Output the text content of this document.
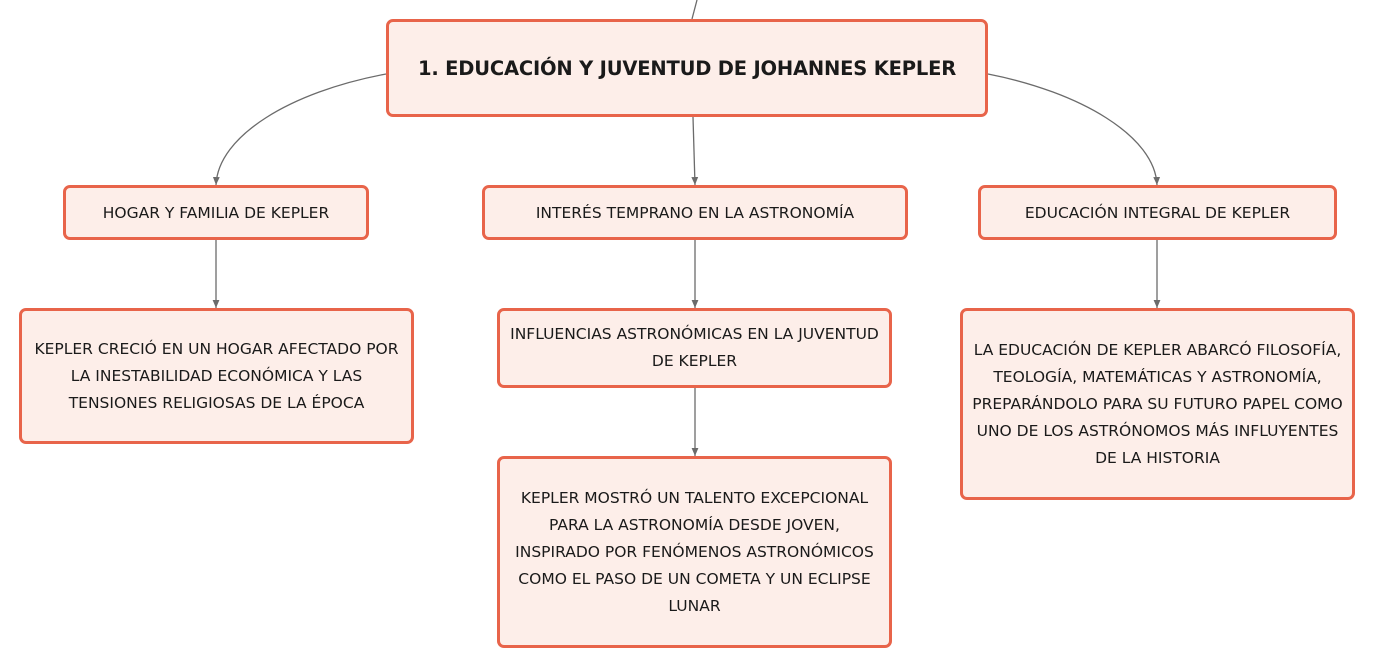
1. EDUCACIÓN Y JUVENTUD DE JOHANNES KEPLER
HOGAR Y FAMILIA DE KEPLER	INTERÉS TEMPRANO EN LA ASTRONOMÍA	EDUCACIÓN INTEGRAL DE KEPLER
KEPLER CRECIÓ EN UN HOGAR AFECTADO POR LA INESTABILIDAD ECONÓMICA Y LAS TENSIONES RELIGIOSAS DE LA ÉPOCA
INFLUENCIAS ASTRONÓMICAS EN LA JUVENTUD DE KEPLER
KEPLER MOSTRÓ UN TALENTO EXCEPCIONAL PARA LA ASTRONOMÍA DESDE JOVEN, INSPIRADO POR FENÓMENOS ASTRONÓMICOS COMO EL PASO DE UN COMETA Y UN ECLIPSE LUNAR
LA EDUCACIÓN DE KEPLER ABARCÓ FILOSOFÍA, TEOLOGÍA, MATEMÁTICAS Y ASTRONOMÍA, PREPARÁNDOLO PARA SU FUTURO PAPEL COMO UNO DE LOS ASTRÓNOMOS MÁS INFLUYENTES DE LA HISTORIA
